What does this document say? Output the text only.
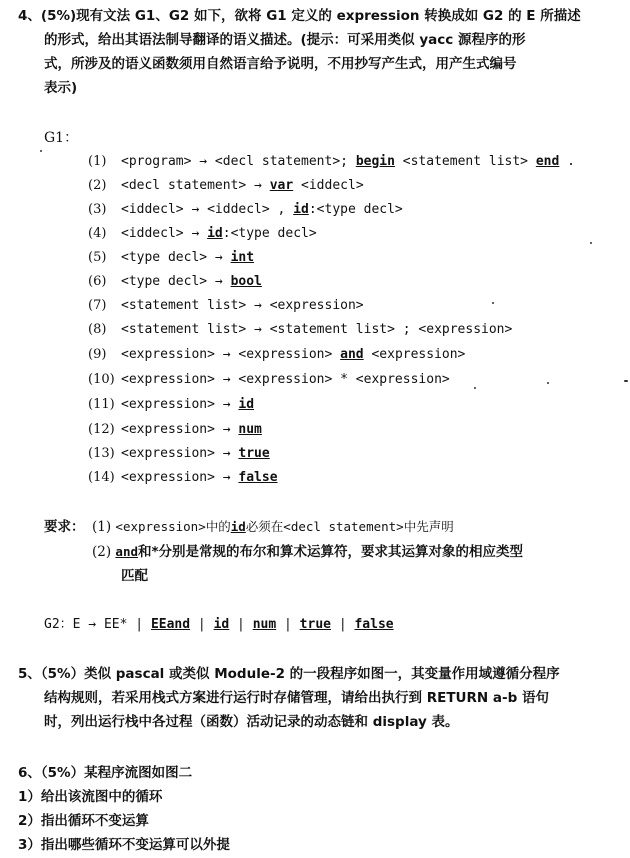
4、(5%)现有文法 G1、G2 如下，欲将 G1 定义的 expression 转换成如 G2 的 E 所描述
的形式，给出其语法制导翻译的语义描述。(提示：可采用类似 yacc 源程序的形
式，所涉及的语义函数须用自然语言给予说明，不用抄写产生式，用产生式编号
表示)
G1：
(1) <program> → <decl statement>; begin <statement list> end .
(2) <decl statement> → var <iddecl>
(3) <iddecl> → <iddecl> , id:<type decl>
(4) <iddecl> → id:<type decl>
(5) <type decl> → int
(6) <type decl> → bool
(7) <statement list> → <expression>
(8) <statement list> → <statement list> ; <expression>
(9) <expression> → <expression> and <expression>
(10) <expression> → <expression> * <expression>
(11) <expression> → id
(12) <expression> → num
(13) <expression> → true
(14) <expression> → false
要求： (1) <expression>中的id必须在<decl statement>中先声明
(2) and和*分别是常规的布尔和算术运算符，要求其运算对象的相应类型
匹配
G2：E → EE* | EEand | id | num | true | false
5、（5%）类似 pascal 或类似 Module-2 的一段程序如图一，其变量作用域遵循分程序
结构规则，若采用栈式方案进行运行时存储管理，请给出执行到 RETURN a-b 语句
时，列出运行栈中各过程（函数）活动记录的动态链和 display 表。
6、（5%）某程序流图如图二
1）给出该流图中的循环
2）指出循环不变运算
3）指出哪些循环不变运算可以外提
